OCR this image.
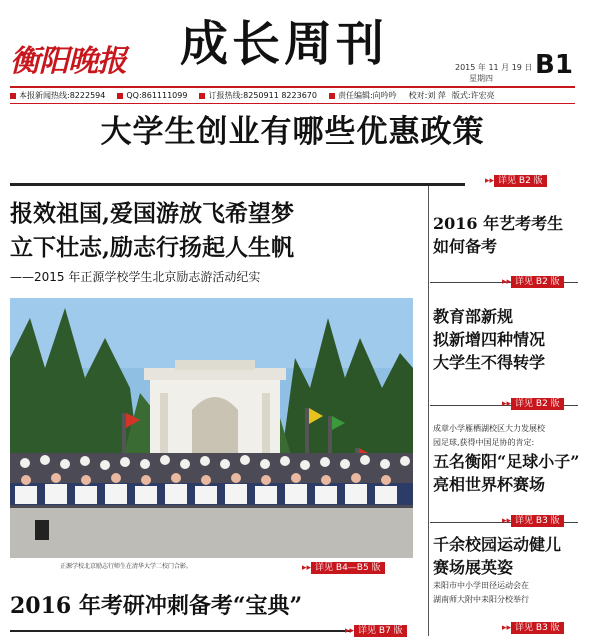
衡阳晚报	成长周刊	2015 年 11 月 19 日
星期四 B1
本报新闻热线: 8222594	QQ: 861111099	订报热线: 8250911 8223670	责任编辑:向吟吟 校对:刘 萍 版式:许宏亮
大学生创业有哪些优惠政策
▸▸ 详见 B2 版
报效祖国,爱国游放飞希望梦
立下壮志,励志行扬起人生帆
——2015 年正源学校学生北京励志游活动纪实
正源学校北京励志行师生在清华大学二校门合影。	▸▸ 详见 B4—B5 版
2016 年考研冲刺备考“宝典”
▸▸ 详见 B7 版
2016 年艺考考生
如何备考
▸▸ 详见 B2 版
教育部新规
拟新增四种情况
大学生不得转学
▸▸ 详见 B2 版
成章小学雁栖湖校区大力发展校
园足球,获得中国足协的肯定:
五名衡阳“足球小子”
亮相世界杯赛场
▸▸ 详见 B3 版
千余校园运动健儿
赛场展英姿
耒阳市中小学田径运动会在
湖南师大附中耒阳分校举行
▸▸ 详见 B3 版
